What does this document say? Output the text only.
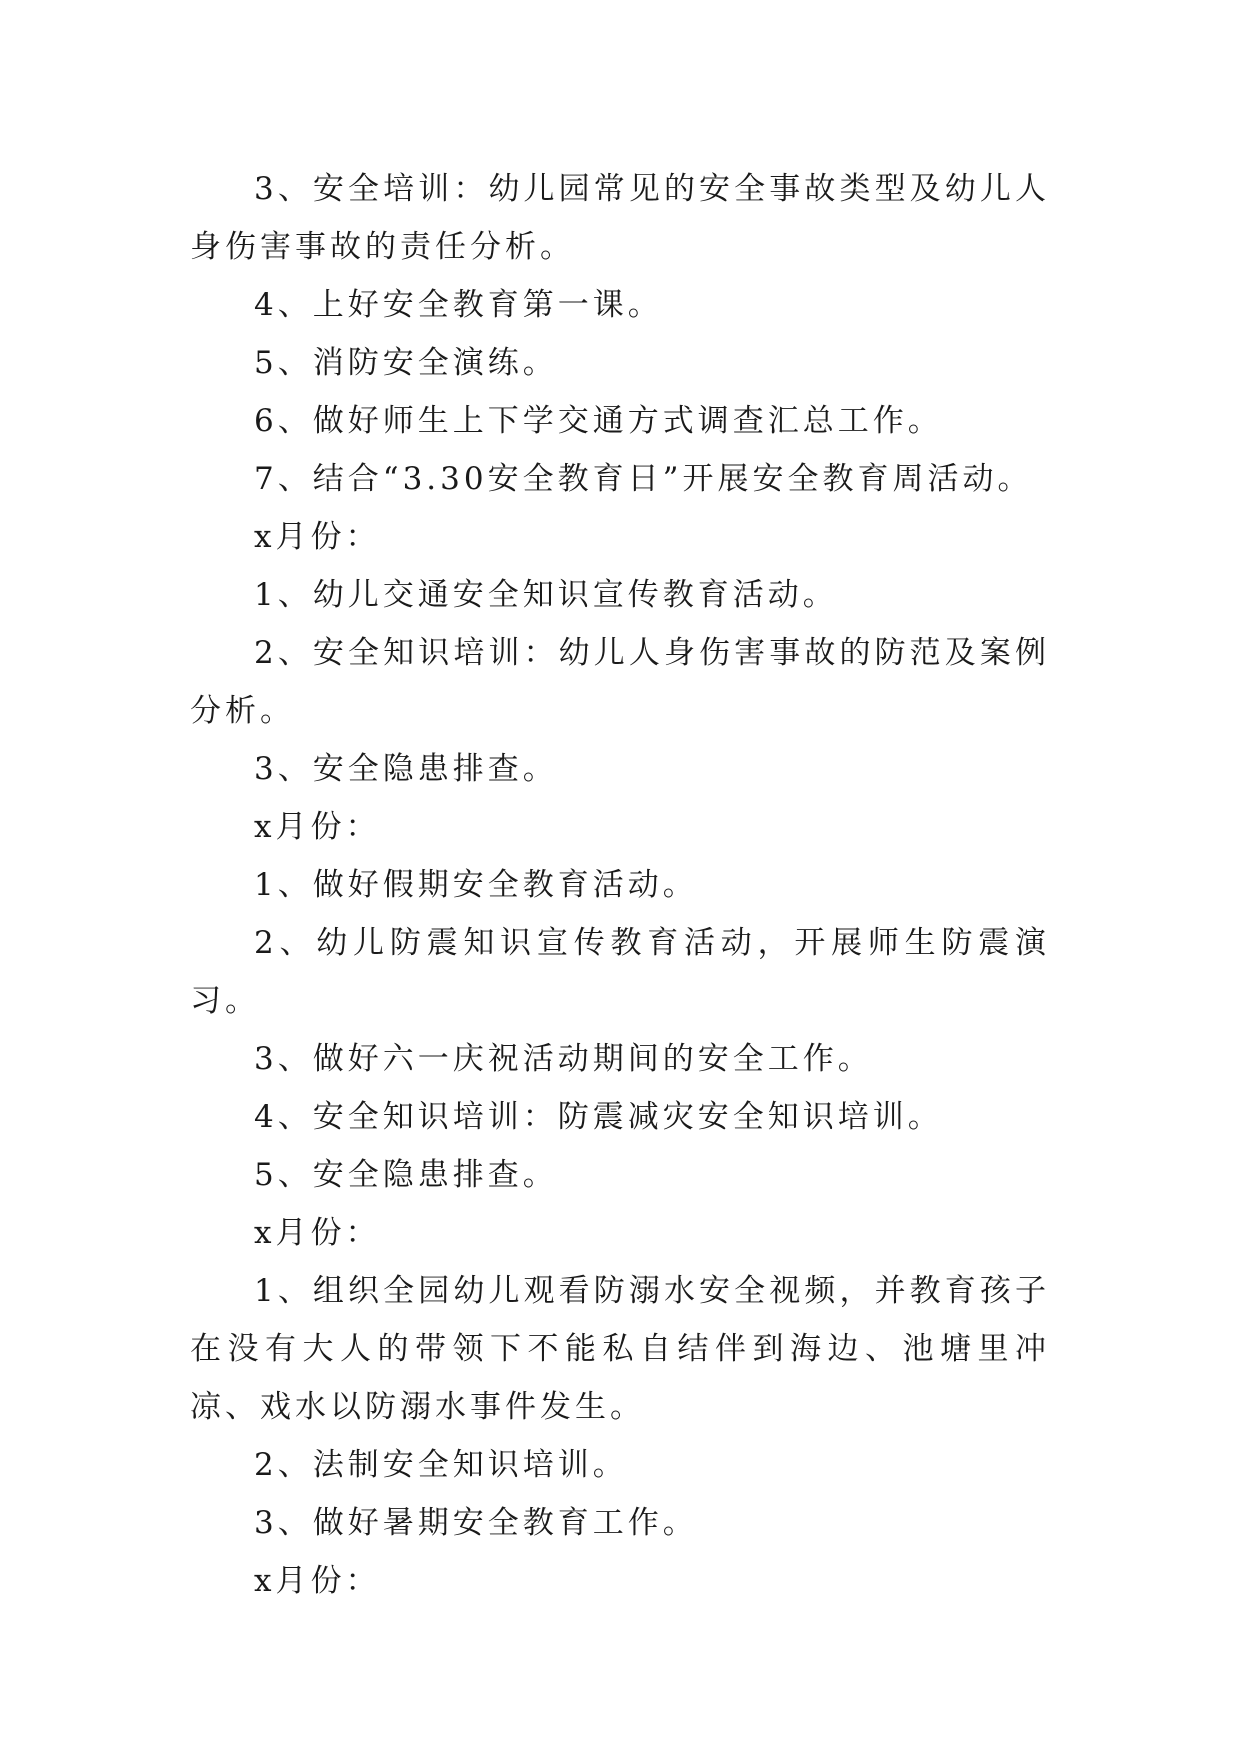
3、安全培训：幼儿园常见的安全事故类型及幼儿人身伤害事故的责任分析。

4、上好安全教育第一课。

5、消防安全演练。

6、做好师生上下学交通方式调查汇总工作。

7、结合“3.30安全教育日”开展安全教育周活动。

x月份：

1、幼儿交通安全知识宣传教育活动。

2、安全知识培训：幼儿人身伤害事故的防范及案例分析。

3、安全隐患排查。

x月份：

1、做好假期安全教育活动。

2、幼儿防震知识宣传教育活动，开展师生防震演习。

3、做好六一庆祝活动期间的安全工作。

4、安全知识培训：防震减灾安全知识培训。

5、安全隐患排查。

x月份：

1、组织全园幼儿观看防溺水安全视频，并教育孩子在没有大人的带领下不能私自结伴到海边、池塘里冲凉、戏水以防溺水事件发生。

2、法制安全知识培训。

3、做好暑期安全教育工作。

x月份：
